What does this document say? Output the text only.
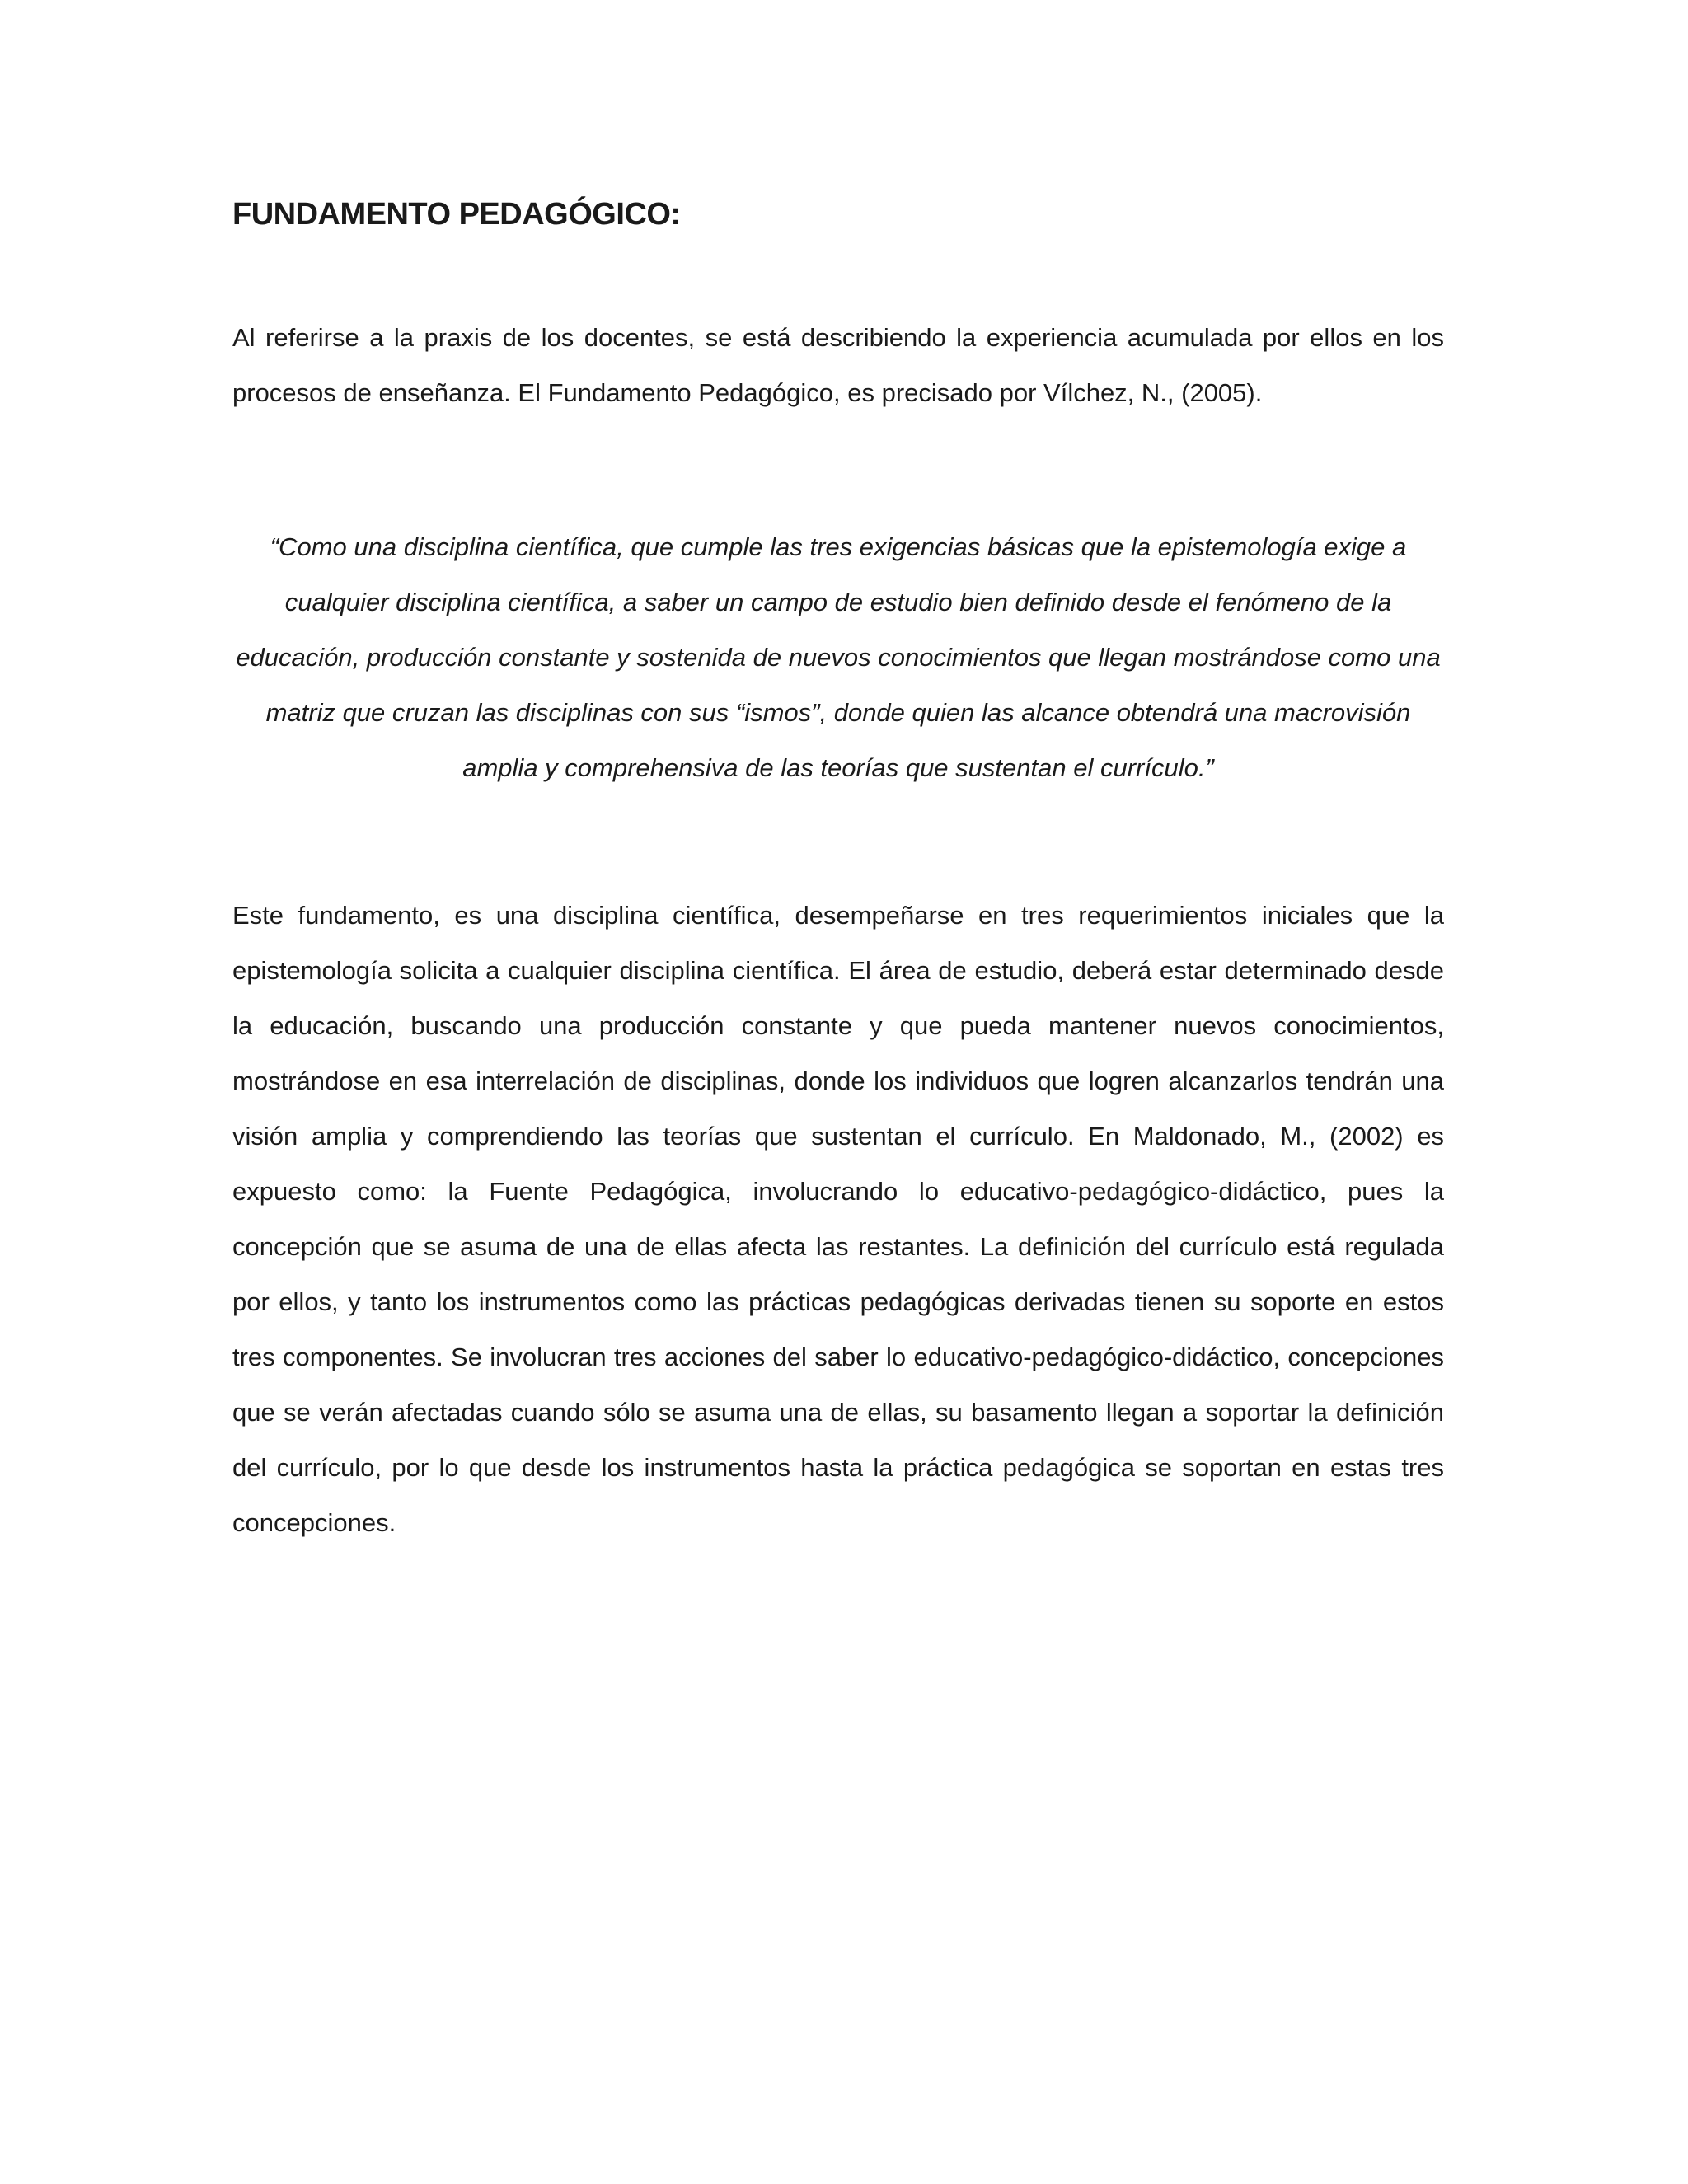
FUNDAMENTO PEDAGÓGICO:

Al referirse a la praxis de los docentes, se está describiendo la experiencia acumulada por ellos en los procesos de enseñanza. El Fundamento Pedagógico, es precisado por Vílchez, N., (2005).

“Como una disciplina científica, que cumple las tres exigencias básicas que la epistemología exige a cualquier disciplina científica, a saber un campo de estudio bien definido desde el fenómeno de la educación, producción constante y sostenida de nuevos conocimientos que llegan mostrándose como una matriz que cruzan las disciplinas con sus “ismos”, donde quien las alcance obtendrá una macrovisión amplia y comprehensiva de las teorías que sustentan el currículo.”

Este fundamento, es una disciplina científica, desempeñarse en tres requerimientos iniciales que la epistemología solicita a cualquier disciplina científica. El área de estudio, deberá estar determinado desde la educación, buscando una producción constante y que pueda mantener nuevos conocimientos, mostrándose en esa interrelación de disciplinas, donde los individuos que logren alcanzarlos tendrán una visión amplia y comprendiendo las teorías que sustentan el currículo. En Maldonado, M., (2002) es expuesto como: la Fuente Pedagógica, involucrando lo educativo-pedagógico-didáctico, pues la concepción que se asuma de una de ellas afecta las restantes. La definición del currículo está regulada por ellos, y tanto los instrumentos como las prácticas pedagógicas derivadas tienen su soporte en estos tres componentes. Se involucran tres acciones del saber lo educativo-pedagógico-didáctico, concepciones que se verán afectadas cuando sólo se asuma una de ellas, su basamento llegan a soportar la definición del currículo, por lo que desde los instrumentos hasta la práctica pedagógica se soportan en estas tres concepciones.
